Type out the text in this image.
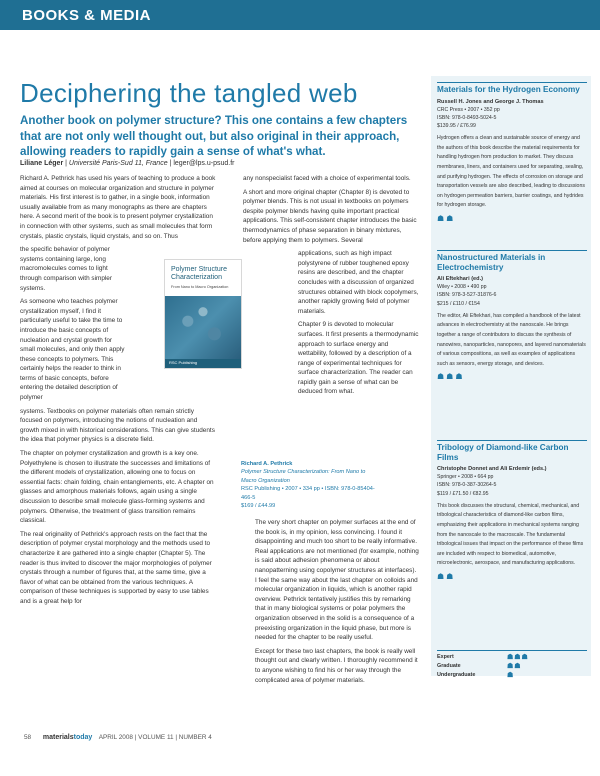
BOOKS & MEDIA
Deciphering the tangled web
Another book on polymer structure? This one contains a few chapters that are not only well thought out, but also original in their approach, allowing readers to rapidly gain a sense of what's what.
Liliane Léger | Université Paris-Sud 11, France | leger@lps.u-psud.fr

Richard A. Pethrick has used his years of teaching to produce a book aimed at courses on molecular organization and structure in polymer materials. His first interest is to gather, in a single book, information usually available from as many monographs as there are chapters here. A second merit of the book is to present polymer crystallization in connection with other systems, such as small molecules that form crystals, plastic crystals, liquid crystals, and so on. Thus

the specific behavior of polymer systems containing large, long macromolecules comes to light through comparison with simpler systems.

As someone who teaches polymer crystallization myself, I find it particularly useful to take the time to introduce the basic concepts of nucleation and crystal growth for small molecules, and only then apply these concepts to polymers. This certainly helps the reader to think in terms of basic concepts, before entering the detailed description of polymer

systems. Textbooks on polymer materials often remain strictly focused on polymers, introducing the notions of nucleation and growth mixed in with historical considerations. This can give students the idea that polymer physics is a discrete field.

The chapter on polymer crystallization and growth is a key one. Polyethylene is chosen to illustrate the successes and limitations of the different models of crystallization, allowing one to focus on essential facts: chain folding, chain entanglements, etc. A chapter on glasses and amorphous materials follows, again using a single discussion to describe small molecule glass-forming systems and polymers. Otherwise, the treatment of glass transition remains classical.

The real originality of Pethrick's approach rests on the fact that the description of polymer crystal morphology and the methods used to characterize it are gathered into a single chapter (Chapter 5). The reader is thus invited to discover the major morphologies of polymer crystals through a number of figures that, at the same time, give a flavor of what can be obtained from the various techniques. A comparison of these techniques is supported by easy to use tables and is a great help for

any nonspecialist faced with a choice of experimental tools.

A short and more original chapter (Chapter 8) is devoted to polymer blends. This is not usual in textbooks on polymers despite polymer blends having quite important practical applications. This self-consistent chapter introduces the basic thermodynamics of phase separation in binary mixtures, before applying them to polymers. Several

applications, such as high impact polystyrene of rubber toughened epoxy resins are described, and the chapter concludes with a discussion of organized structures obtained with block copolymers, another rapidly growing field of polymer materials.

Chapter 9 is devoted to molecular surfaces. It first presents a thermodynamic approach to surface energy and wettability, followed by a description of a range of experimental techniques for surface characterization. The reader can rapidly gain a sense of what can be deduced from what.

Polymer Structure Characterization
From Nano to Macro Organization
RSC Publishing
Richard A. Pethrick
Polymer Structure Characterization: From Nano to Macro Organization
RSC Publishing • 2007 • 334 pp • ISBN: 978-0-85404-466-5
$169 / £44.99

The very short chapter on polymer surfaces at the end of the book is, in my opinion, less convincing. I found it disappointing and much too short to be really informative. Real applications are not mentioned (for example, nothing is said about adhesion phenomena or about nanopatterning using copolymer structures at interfaces). I feel the same way about the last chapter on colloids and molecular organization in liquids, which is another rapid overview. Pethrick tentatively justifies this by remarking that in many biological systems or polar polymers the organization observed in the solid is a consequence of a preexisting organization in the liquid phase, but more is needed for the chapter to be really useful.

Except for these two last chapters, the book is really well thought out and clearly written. I thoroughly recommend it to anyone wishing to find his or her way through the complicated area of polymer materials.

Materials for the Hydrogen Economy
Russell H. Jones and George J. Thomas
CRC Press • 2007 • 352 pp
ISBN: 978-0-8493-5024-5
$139.95 / £76.99
Hydrogen offers a clean and sustainable source of energy and the authors of this book describe the material requirements for handling hydrogen from production to market. They discuss membranes, liners, and containers used for separating, sealing, and purifying hydrogen. The effects of corrosion on storage and transportation vessels are also described, leading to discussions on hydrogen permeation barriers, barrier coatings, and hydrides for hydrogen storage.
☗☗
Nanostructured Materials in Electrochemistry
Ali Eftekhari (ed.)
Wiley • 2008 • 490 pp
ISBN: 978-3-527-31876-6
$215 / £110 / €154
The editor, Ali Eftekhari, has compiled a handbook of the latest advances in electrochemistry at the nanoscale. He brings together a range of contributors to discuss the synthesis of nanowires, nanoparticles, nanopores, and layered nanomaterials of various compositions, as well as examples of applications such as sensors, energy storage, and devices.
☗☗☗
Tribology of Diamond-like Carbon Films
Christophe Donnet and Ali Erdemir (eds.)
Springer • 2008 • 664 pp
ISBN: 978-0-387-30264-5
$119 / £71.50 / €82.95
This book discusses the structural, chemical, mechanical, and tribological characteristics of diamond-like carbon films, emphasizing their applications in mechanical systems ranging from the nanoscale to the macroscale. The fundamental tribological issues that impact on the performance of these films are included with respect to biomedical, automotive, microelectronic, aerospace, and manufacturing applications.
☗☗
Expert	☗☗☗
Graduate	☗☗
Undergraduate	☗
58 materialstoday APRIL 2008 | VOLUME 11 | NUMBER 4
